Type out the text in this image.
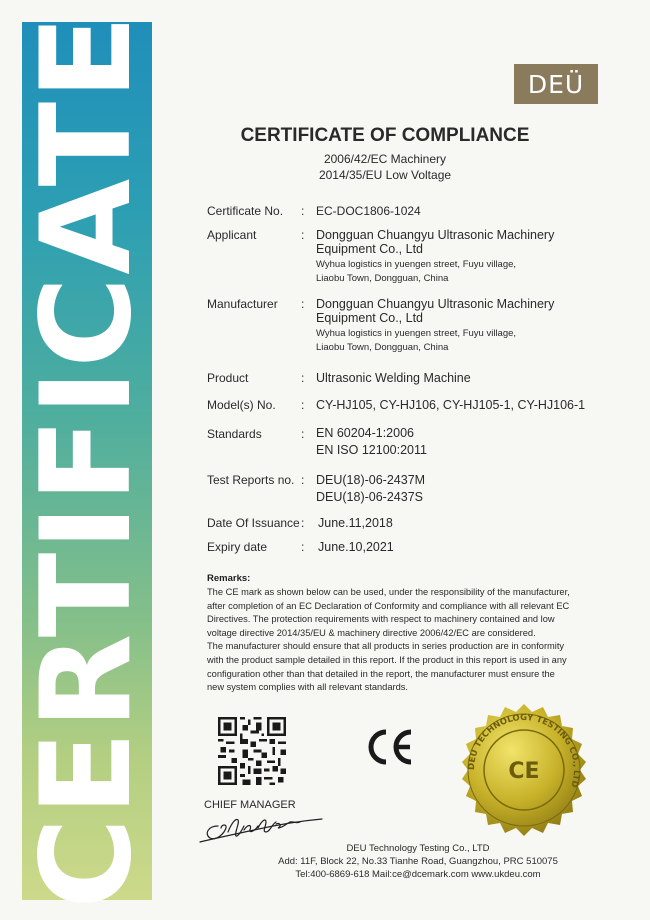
CERTIFICATE	DEÜ
CERTIFICATE OF COMPLIANCE
2006/42/EC Machinery
2014/35/EU Low Voltage
Certificate No. : EC-DOC1806-1024
Applicant	: Dongguan Chuangyu Ultrasonic Machinery
Equipment Co., Ltd
Wyhua logistics in yuengen street, Fuyu village,
Liaobu Town, Dongguan, China
Manufacturer : Dongguan Chuangyu Ultrasonic Machinery
Equipment Co., Ltd
Wyhua logistics in yuengen street, Fuyu village,
Liaobu Town, Dongguan, China
Product	: Ultrasonic Welding Machine
Model(s) No. : CY-HJ105, CY-HJ106, CY-HJ105-1, CY-HJ106-1
Standards	: EN 60204-1:2006
EN ISO 12100:2011
Test Reports no. : DEU(18)-06-2437M
DEU(18)-06-2437S
Date Of Issuance : June.11,2018
Expiry date	: June.10,2021
Remarks:

The CE mark as shown below can be used, under the responsibility of the manufacturer,

after completion of an EC Declaration of Conformity and compliance with all relevant EC

Directives. The protection requirements with respect to machinery contained and low

voltage directive 2014/35/EU & machinery directive 2006/42/EC are considered.

The manufacturer should ensure that all products in series production are in conformity

with the product sample detailed in this report. If the product in this report is used in any

configuration other than that detailed in the report, the manufacturer must ensure the

new system complies with all relevant standards.

CHIEF MANAGER
DEU TECHNOLOGY TESTING CO., LTD
CE
DEU Technology Testing Co., LTD
Add: 11F, Block 22, No.33 Tianhe Road, Guangzhou, PRC 510075
Tel:400-6869-618 Mail:ce@dcemark.com www.ukdeu.com
